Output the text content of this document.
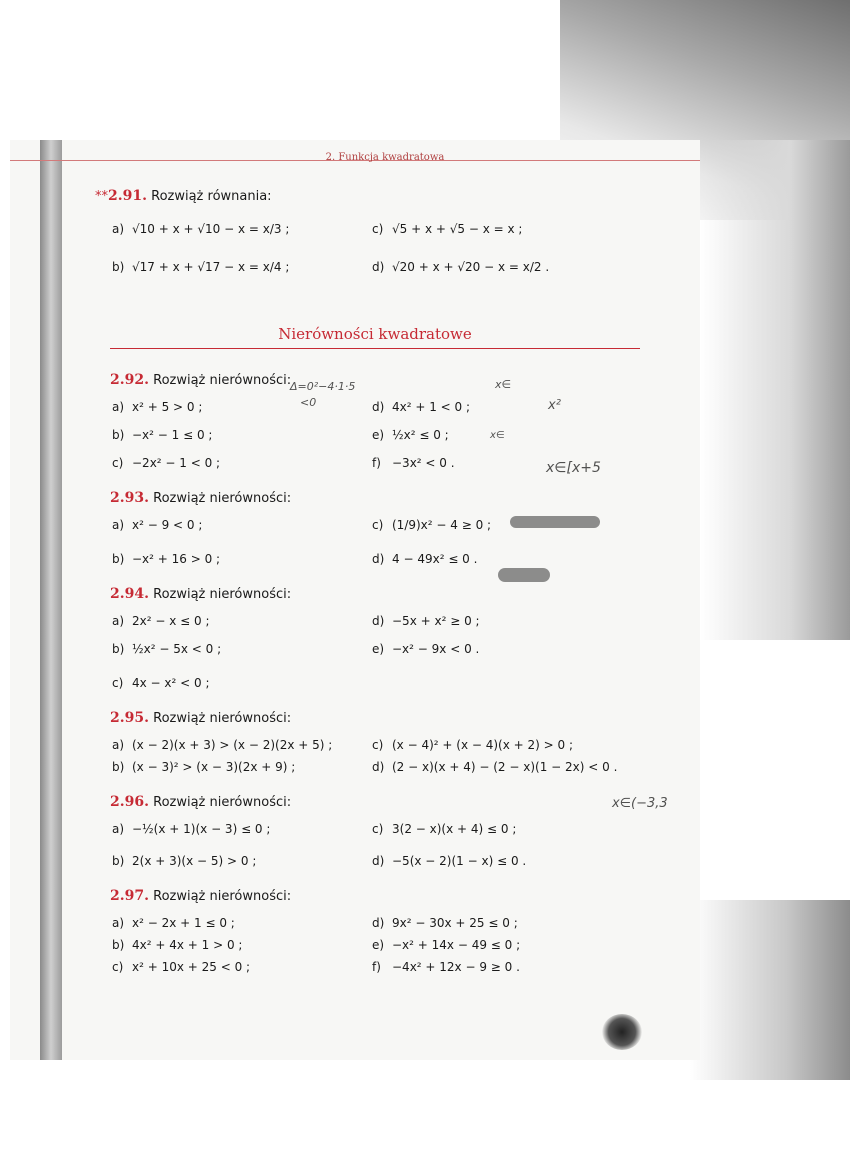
2. Funkcja kwadratowa
**2.91. Rozwiąż równania:
a) √10 + x + √10 − x = x/3 ;	c) √5 + x + √5 − x = x ;
b) √17 + x + √17 − x = x/4 ;	d) √20 + x + √20 − x = x/2 .
Nierówności kwadratowe
2.92. Rozwiąż nierówności:
a) x² + 5 > 0 ;	d) 4x² + 1 < 0 ;
b) −x² − 1 ≤ 0 ;	e) ½x² ≤ 0 ;
c) −2x² − 1 < 0 ;	f) −3x² < 0 .
2.93. Rozwiąż nierówności:
a) x² − 9 < 0 ;	c) (1/9)x² − 4 ≥ 0 ;
b) −x² + 16 > 0 ;	d) 4 − 49x² ≤ 0 .
2.94. Rozwiąż nierówności:
a) 2x² − x ≤ 0 ;	d) −5x + x² ≥ 0 ;
b) ½x² − 5x < 0 ;	e) −x² − 9x < 0 .
c) 4x − x² < 0 ;
2.95. Rozwiąż nierówności:
a) (x − 2)(x + 3) > (x − 2)(2x + 5) ;	c) (x − 4)² + (x − 4)(x + 2) > 0 ;
b) (x − 3)² > (x − 3)(2x + 9) ;	d) (2 − x)(x + 4) − (2 − x)(1 − 2x) < 0 .
2.96. Rozwiąż nierówności:
a) −½(x + 1)(x − 3) ≤ 0 ;	c) 3(2 − x)(x + 4) ≤ 0 ;
b) 2(x + 3)(x − 5) > 0 ;	d) −5(x − 2)(1 − x) ≤ 0 .
2.97. Rozwiąż nierówności:
a) x² − 2x + 1 ≤ 0 ;	d) 9x² − 30x + 25 ≤ 0 ;
b) 4x² + 4x + 1 > 0 ;	e) −x² + 14x − 49 ≤ 0 ;
c) x² + 10x + 25 < 0 ;	f) −4x² + 12x − 9 ≥ 0 .
Δ=0²−4·1·5
<0
x∈
x²
x∈
x∈[x+5
x∈(−3,3
